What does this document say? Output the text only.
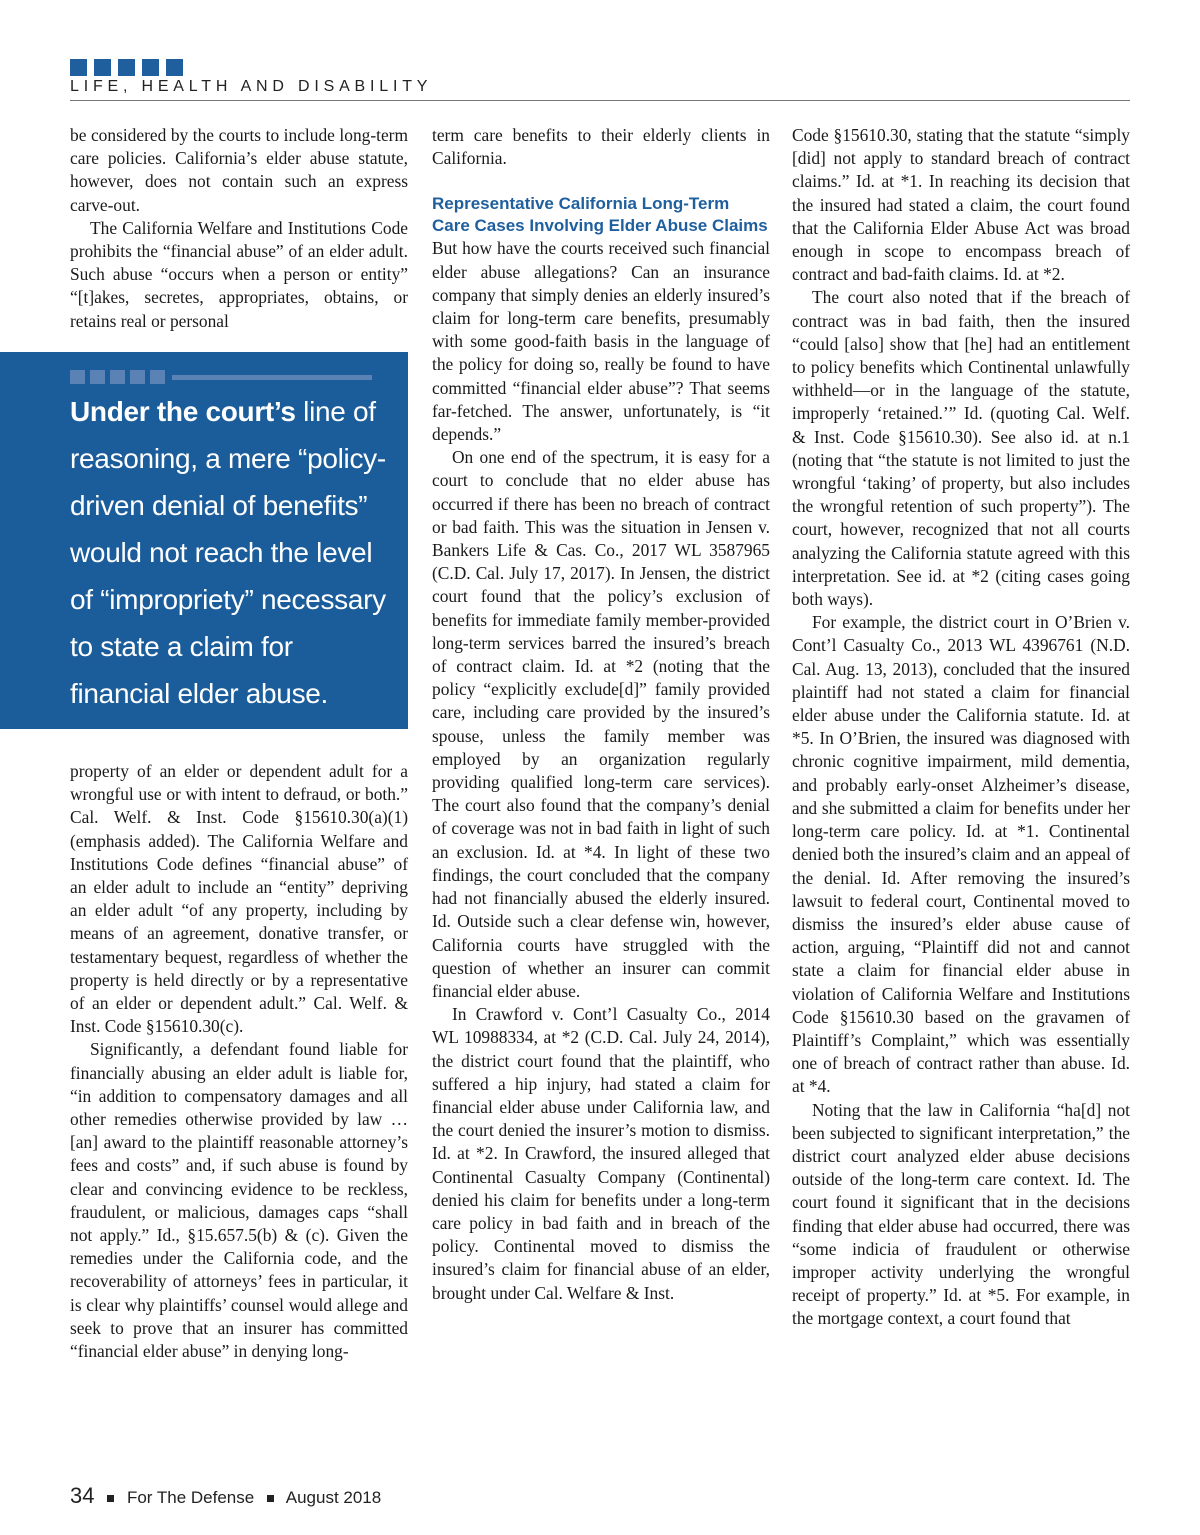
LIFE, HEALTH AND DISABILITY

be considered by the courts to include long-term care policies. California’s elder abuse statute, however, does not contain such an express carve-out.

The California Welfare and Institutions Code prohibits the “financial abuse” of an elder adult. Such abuse “occurs when a person or entity” “[t]akes, secretes, appropriates, obtains, or retains real or personal

Under the court’s line of reasoning, a mere “policy-driven denial of benefits” would not reach the level of “impropriety” necessary to state a claim for financial elder abuse.

property of an elder or dependent adult for a wrongful use or with intent to defraud, or both.” Cal. Welf. & Inst. Code §15610.30(a)(1) (emphasis added). The California Welfare and Institutions Code defines “financial abuse” of an elder adult to include an “entity” depriving an elder adult “of any property, including by means of an agreement, donative transfer, or testamentary bequest, regardless of whether the property is held directly or by a representative of an elder or dependent adult.” Cal. Welf. & Inst. Code §15610.30(c).

Significantly, a defendant found liable for financially abusing an elder adult is liable for, “in addition to compensatory damages and all other remedies otherwise provided by law … [an] award to the plaintiff reasonable attorney’s fees and costs” and, if such abuse is found by clear and convincing evidence to be reckless, fraudulent, or malicious, damages caps “shall not apply.” Id., §15.657.5(b) & (c). Given the remedies under the California code, and the recoverability of attorneys’ fees in particular, it is clear why plaintiffs’ counsel would allege and seek to prove that an insurer has committed “financial elder abuse” in denying long-

term care benefits to their elderly clients in California.

Representative California Long-Term Care Cases Involving Elder Abuse Claims

But how have the courts received such financial elder abuse allegations? Can an insurance company that simply denies an elderly insured’s claim for long-term care benefits, presumably with some good-faith basis in the language of the policy for doing so, really be found to have committed “financial elder abuse”? That seems far-fetched. The answer, unfortunately, is “it depends.”

On one end of the spectrum, it is easy for a court to conclude that no elder abuse has occurred if there has been no breach of contract or bad faith. This was the situation in Jensen v. Bankers Life & Cas. Co., 2017 WL 3587965 (C.D. Cal. July 17, 2017). In Jensen, the district court found that the policy’s exclusion of benefits for immediate family member-provided long-term services barred the insured’s breach of contract claim. Id. at *2 (noting that the policy “explicitly exclude[d]” family provided care, including care provided by the insured’s spouse, unless the family member was employed by an organization regularly providing qualified long-term care services). The court also found that the company’s denial of coverage was not in bad faith in light of such an exclusion. Id. at *4. In light of these two findings, the court concluded that the company had not financially abused the elderly insured. Id. Outside such a clear defense win, however, California courts have struggled with the question of whether an insurer can commit financial elder abuse.

In Crawford v. Cont’l Casualty Co., 2014 WL 10988334, at *2 (C.D. Cal. July 24, 2014), the district court found that the plaintiff, who suffered a hip injury, had stated a claim for financial elder abuse under California law, and the court denied the insurer’s motion to dismiss. Id. at *2. In Crawford, the insured alleged that Continental Casualty Company (Continental) denied his claim for benefits under a long-term care policy in bad faith and in breach of the policy. Continental moved to dismiss the insured’s claim for financial abuse of an elder, brought under Cal. Welfare & Inst.

Code §15610.30, stating that the statute “simply [did] not apply to standard breach of contract claims.” Id. at *1. In reaching its decision that the insured had stated a claim, the court found that the California Elder Abuse Act was broad enough in scope to encompass breach of contract and bad-faith claims. Id. at *2.

The court also noted that if the breach of contract was in bad faith, then the insured “could [also] show that [he] had an entitlement to policy benefits which Continental unlawfully withheld—or in the language of the statute, improperly ‘retained.’” Id. (quoting Cal. Welf. & Inst. Code §15610.30). See also id. at n.1 (noting that “the statute is not limited to just the wrongful ‘taking’ of property, but also includes the wrongful retention of such property”). The court, however, recognized that not all courts analyzing the California statute agreed with this interpretation. See id. at *2 (citing cases going both ways).

For example, the district court in O’Brien v. Cont’l Casualty Co., 2013 WL 4396761 (N.D. Cal. Aug. 13, 2013), concluded that the insured plaintiff had not stated a claim for financial elder abuse under the California statute. Id. at *5. In O’Brien, the insured was diagnosed with chronic cognitive impairment, mild dementia, and probably early-onset Alzheimer’s disease, and she submitted a claim for benefits under her long-term care policy. Id. at *1. Continental denied both the insured’s claim and an appeal of the denial. Id. After removing the insured’s lawsuit to federal court, Continental moved to dismiss the insured’s elder abuse cause of action, arguing, “Plaintiff did not and cannot state a claim for financial elder abuse in violation of California Welfare and Institutions Code §15610.30 based on the gravamen of Plaintiff’s Complaint,” which was essentially one of breach of contract rather than abuse. Id. at *4.

Noting that the law in California “ha[d] not been subjected to significant interpretation,” the district court analyzed elder abuse decisions outside of the long-term care context. Id. The court found it significant that in the decisions finding that elder abuse had occurred, there was “some indicia of fraudulent or otherwise improper activity underlying the wrongful receipt of property.” Id. at *5. For example, in the mortgage context, a court found that

34 For The Defense August 2018
